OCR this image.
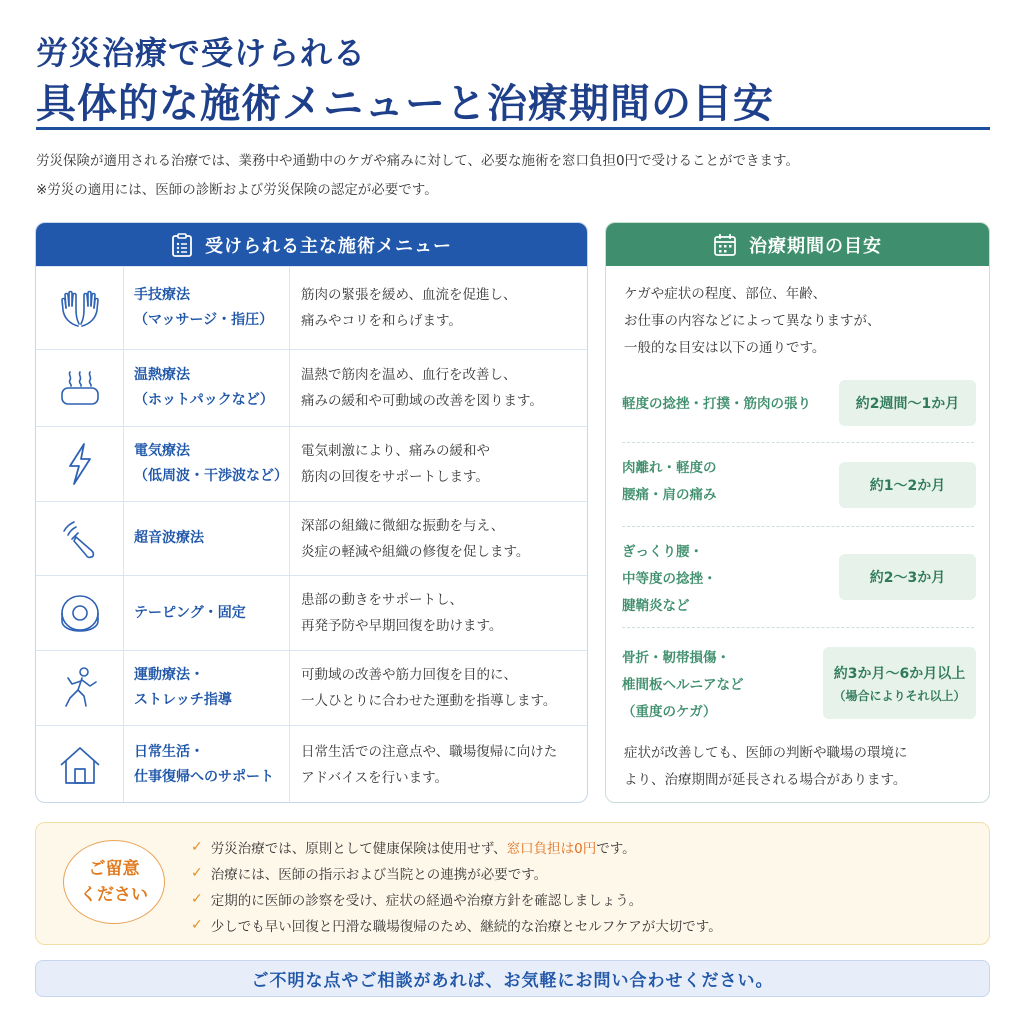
労災治療で受けられる
具体的な施術メニューと治療期間の目安
労災保険が適用される治療では、業務中や通勤中のケガや痛みに対して、必要な施術を窓口負担0円で受けることができます。
※労災の適用には、医師の診断および労災保険の認定が必要です。
受けられる主な施術メニュー
手技療法
（マッサージ・指圧）
筋肉の緊張を緩め、血流を促進し、
痛みやコリを和らげます。
温熱療法
（ホットパックなど）
温熱で筋肉を温め、血行を改善し、
痛みの緩和や可動域の改善を図ります。
電気療法
（低周波・干渉波など）
電気刺激により、痛みの緩和や
筋肉の回復をサポートします。
超音波療法
深部の組織に微細な振動を与え、
炎症の軽減や組織の修復を促します。
テーピング・固定
患部の動きをサポートし、
再発予防や早期回復を助けます。
運動療法・
ストレッチ指導
可動域の改善や筋力回復を目的に、
一人ひとりに合わせた運動を指導します。
日常生活・
仕事復帰へのサポート
日常生活での注意点や、職場復帰に向けた
アドバイスを行います。
治療期間の目安
ケガや症状の程度、部位、年齢、
お仕事の内容などによって異なりますが、
一般的な目安は以下の通りです。
軽度の捻挫・打撲・筋肉の張り	約2週間〜1か月
肉離れ・軽度の
腰痛・肩の痛み
約1〜2か月
ぎっくり腰・
中等度の捻挫・
腱鞘炎など
約2〜3か月
骨折・靭帯損傷・
椎間板ヘルニアなど
（重度のケガ）
約3か月〜6か月以上
（場合によりそれ以上）
症状が改善しても、医師の判断や職場の環境に
より、治療期間が延長される場合があります。
ご留意
ください
✓ 労災治療では、原則として健康保険は使用せず、 窓口負担は0円 です。
✓ 治療には、医師の指示および当院との連携が必要です。
✓ 定期的に医師の診察を受け、症状の経過や治療方針を確認しましょう。
✓ 少しでも早い回復と円滑な職場復帰のため、継続的な治療とセルフケアが大切です。
ご不明な点やご相談があれば、お気軽にお問い合わせください。
